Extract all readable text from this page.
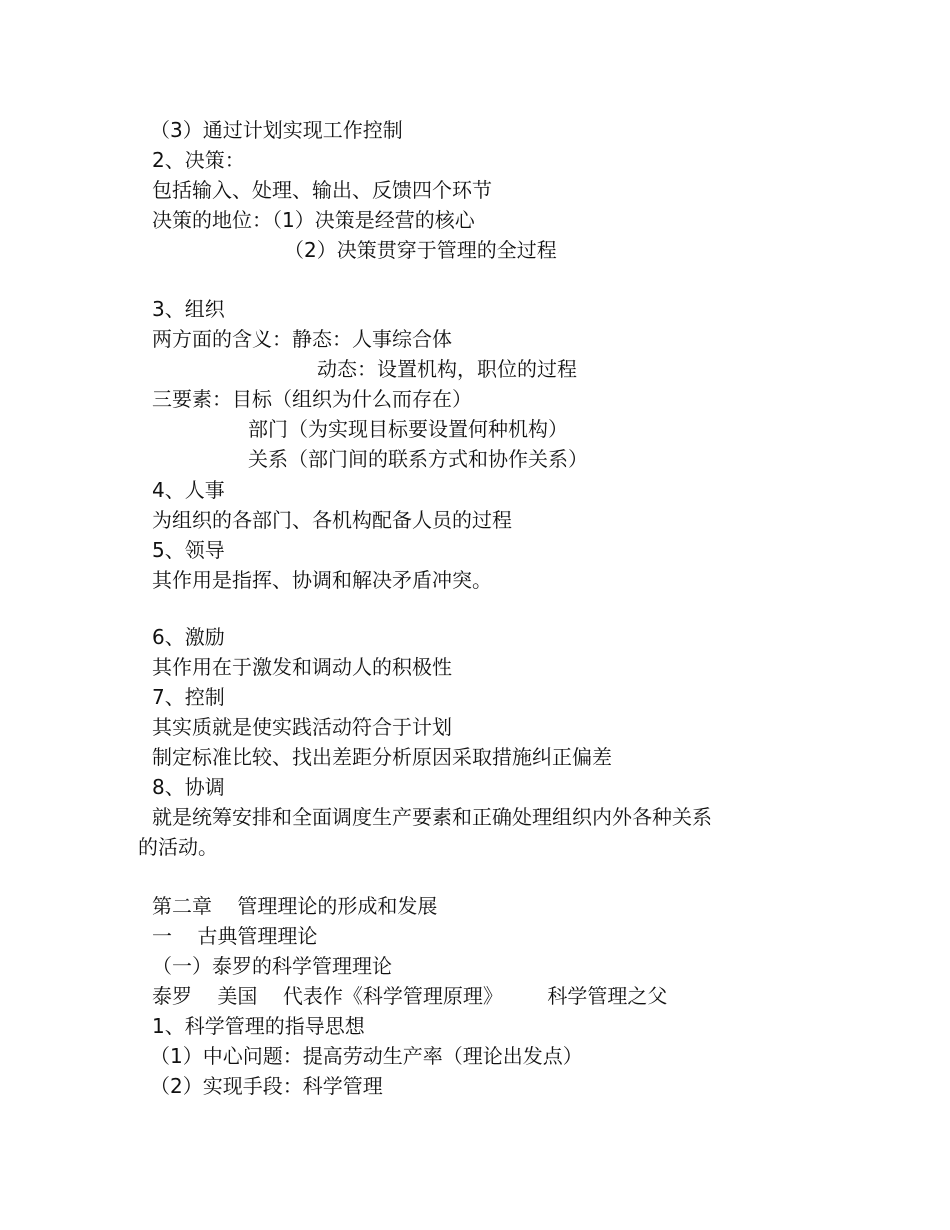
（3）通过计划实现工作控制
2、决策：
包括输入、处理、输出、反馈四个环节
决策的地位：（1）决策是经营的核心
（2）决策贯穿于管理的全过程
3、组织
两方面的含义：静态：人事综合体
动态：设置机构，职位的过程
三要素：目标（组织为什么而存在）
部门（为实现目标要设置何种机构）
关系（部门间的联系方式和协作关系）
4、人事
为组织的各部门、各机构配备人员的过程
5、领导
其作用是指挥、协调和解决矛盾冲突。
6、激励
其作用在于激发和调动人的积极性
7、控制
其实质就是使实践活动符合于计划
制定标准比较、找出差距分析原因采取措施纠正偏差
8、协调
就是统筹安排和全面调度生产要素和正确处理组织内外各种关系
的活动。
第二章    管理理论的形成和发展
一    古典管理理论
（一）泰罗的科学管理理论
泰罗    美国    代表作《科学管理原理》       科学管理之父
1、科学管理的指导思想
（1）中心问题：提高劳动生产率（理论出发点）
（2）实现手段：科学管理
